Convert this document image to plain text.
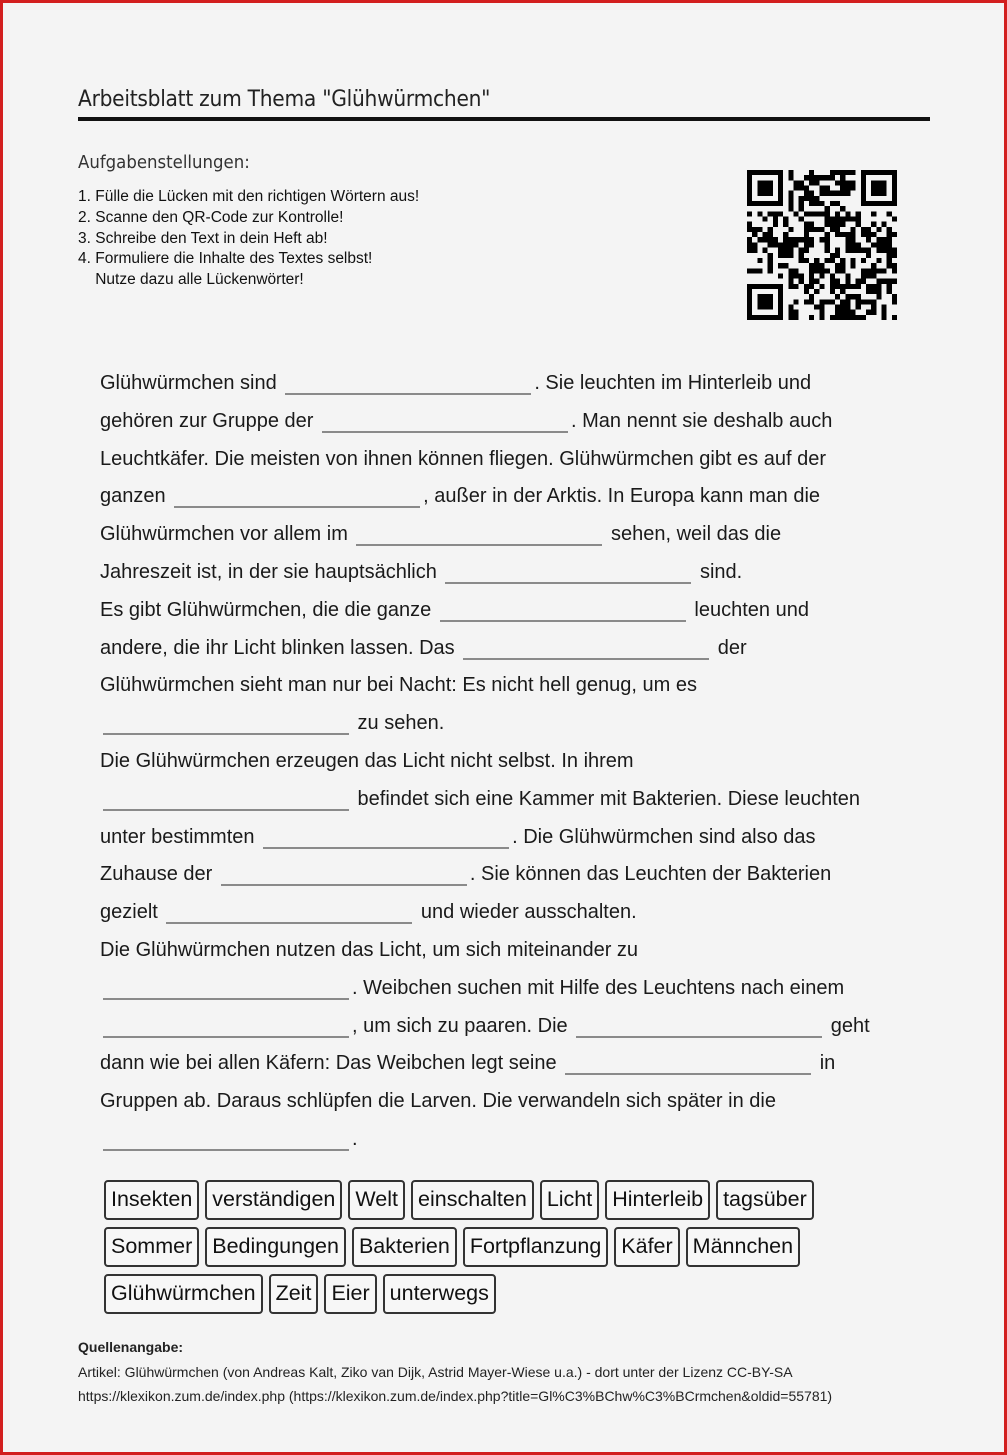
Arbeitsblatt zum Thema "Glühwürmchen"
Aufgabenstellungen:
1. Fülle die Lücken mit den richtigen Wörtern aus!
2. Scanne den QR-Code zur Kontrolle!
3. Schreibe den Text in dein Heft ab!
4. Formuliere die Inhalte des Textes selbst!
Nutze dazu alle Lückenwörter!
Glühwürmchen sind	. Sie leuchten im Hinterleib und
gehören zur Gruppe der	. Man nennt sie deshalb auch
Leuchtkäfer. Die meisten von ihnen können fliegen. Glühwürmchen gibt es auf der
ganzen	, außer in der Arktis. In Europa kann man die
Glühwürmchen vor allem im	sehen, weil das die
Jahreszeit ist, in der sie hauptsächlich	sind.
Es gibt Glühwürmchen, die die ganze	leuchten und
andere, die ihr Licht blinken lassen. Das	der
Glühwürmchen sieht man nur bei Nacht: Es nicht hell genug, um es
zu sehen.
Die Glühwürmchen erzeugen das Licht nicht selbst. In ihrem
befindet sich eine Kammer mit Bakterien. Diese leuchten
unter bestimmten	. Die Glühwürmchen sind also das
Zuhause der	. Sie können das Leuchten der Bakterien
gezielt	und wieder ausschalten.
Die Glühwürmchen nutzen das Licht, um sich miteinander zu
. Weibchen suchen mit Hilfe des Leuchtens nach einem
, um sich zu paaren. Die	geht
dann wie bei allen Käfern: Das Weibchen legt seine	in
Gruppen ab. Daraus schlüpfen die Larven. Die verwandeln sich später in die
.
Insekten verständigen Welt einschalten Licht Hinterleib tagsüber
Sommer Bedingungen Bakterien Fortpflanzung Käfer Männchen
Glühwürmchen Zeit Eier unterwegs
Quellenangabe:
Artikel: Glühwürmchen (von Andreas Kalt, Ziko van Dijk, Astrid Mayer-Wiese u.a.) - dort unter der Lizenz CC-BY-SA
https://klexikon.zum.de/index.php (https://klexikon.zum.de/index.php?title=Gl%C3%BChw%C3%BCrmchen&oldid=55781)
